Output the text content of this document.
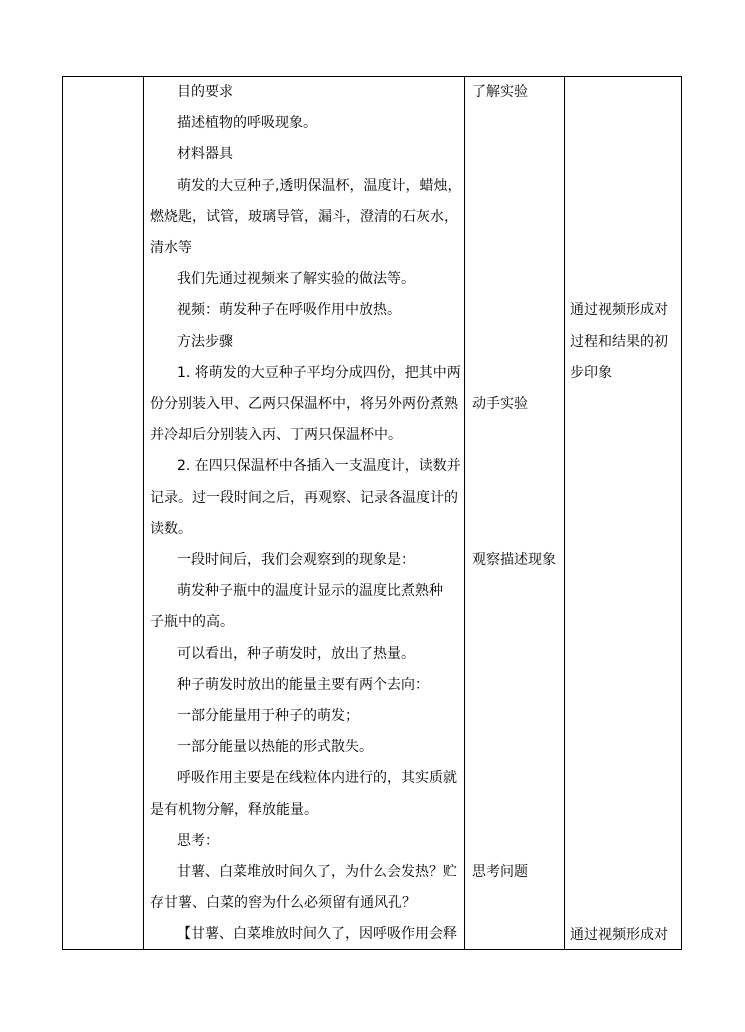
目的要求
描述植物的呼吸现象。
材料器具
萌发的大豆种子,透明保温杯，温度计，蜡烛，
燃烧匙，试管，玻璃导管，漏斗，澄清的石灰水，
清水等
我们先通过视频来了解实验的做法等。
视频：萌发种子在呼吸作用中放热。
方法步骤
1. 将萌发的大豆种子平均分成四份，把其中两
份分别装入甲、乙两只保温杯中，将另外两份煮熟
并冷却后分别装入丙、丁两只保温杯中。
2. 在四只保温杯中各插入一支温度计，读数并
记录。过一段时间之后，再观察、记录各温度计的
读数。
一段时间后，我们会观察到的现象是：
萌发种子瓶中的温度计显示的温度比煮熟种
子瓶中的高。
可以看出，种子萌发时，放出了热量。
种子萌发时放出的能量主要有两个去向：
一部分能量用于种子的萌发；
一部分能量以热能的形式散失。
呼吸作用主要是在线粒体内进行的，其实质就
是有机物分解，释放能量。
思考：
甘薯、白菜堆放时间久了，为什么会发热？贮
存甘薯、白菜的窖为什么必须留有通风孔？
【甘薯、白菜堆放时间久了，因呼吸作用会释
了解实验
动手实验
观察描述现象
思考问题
通过视频形成对
过程和结果的初
步印象
通过视频形成对
